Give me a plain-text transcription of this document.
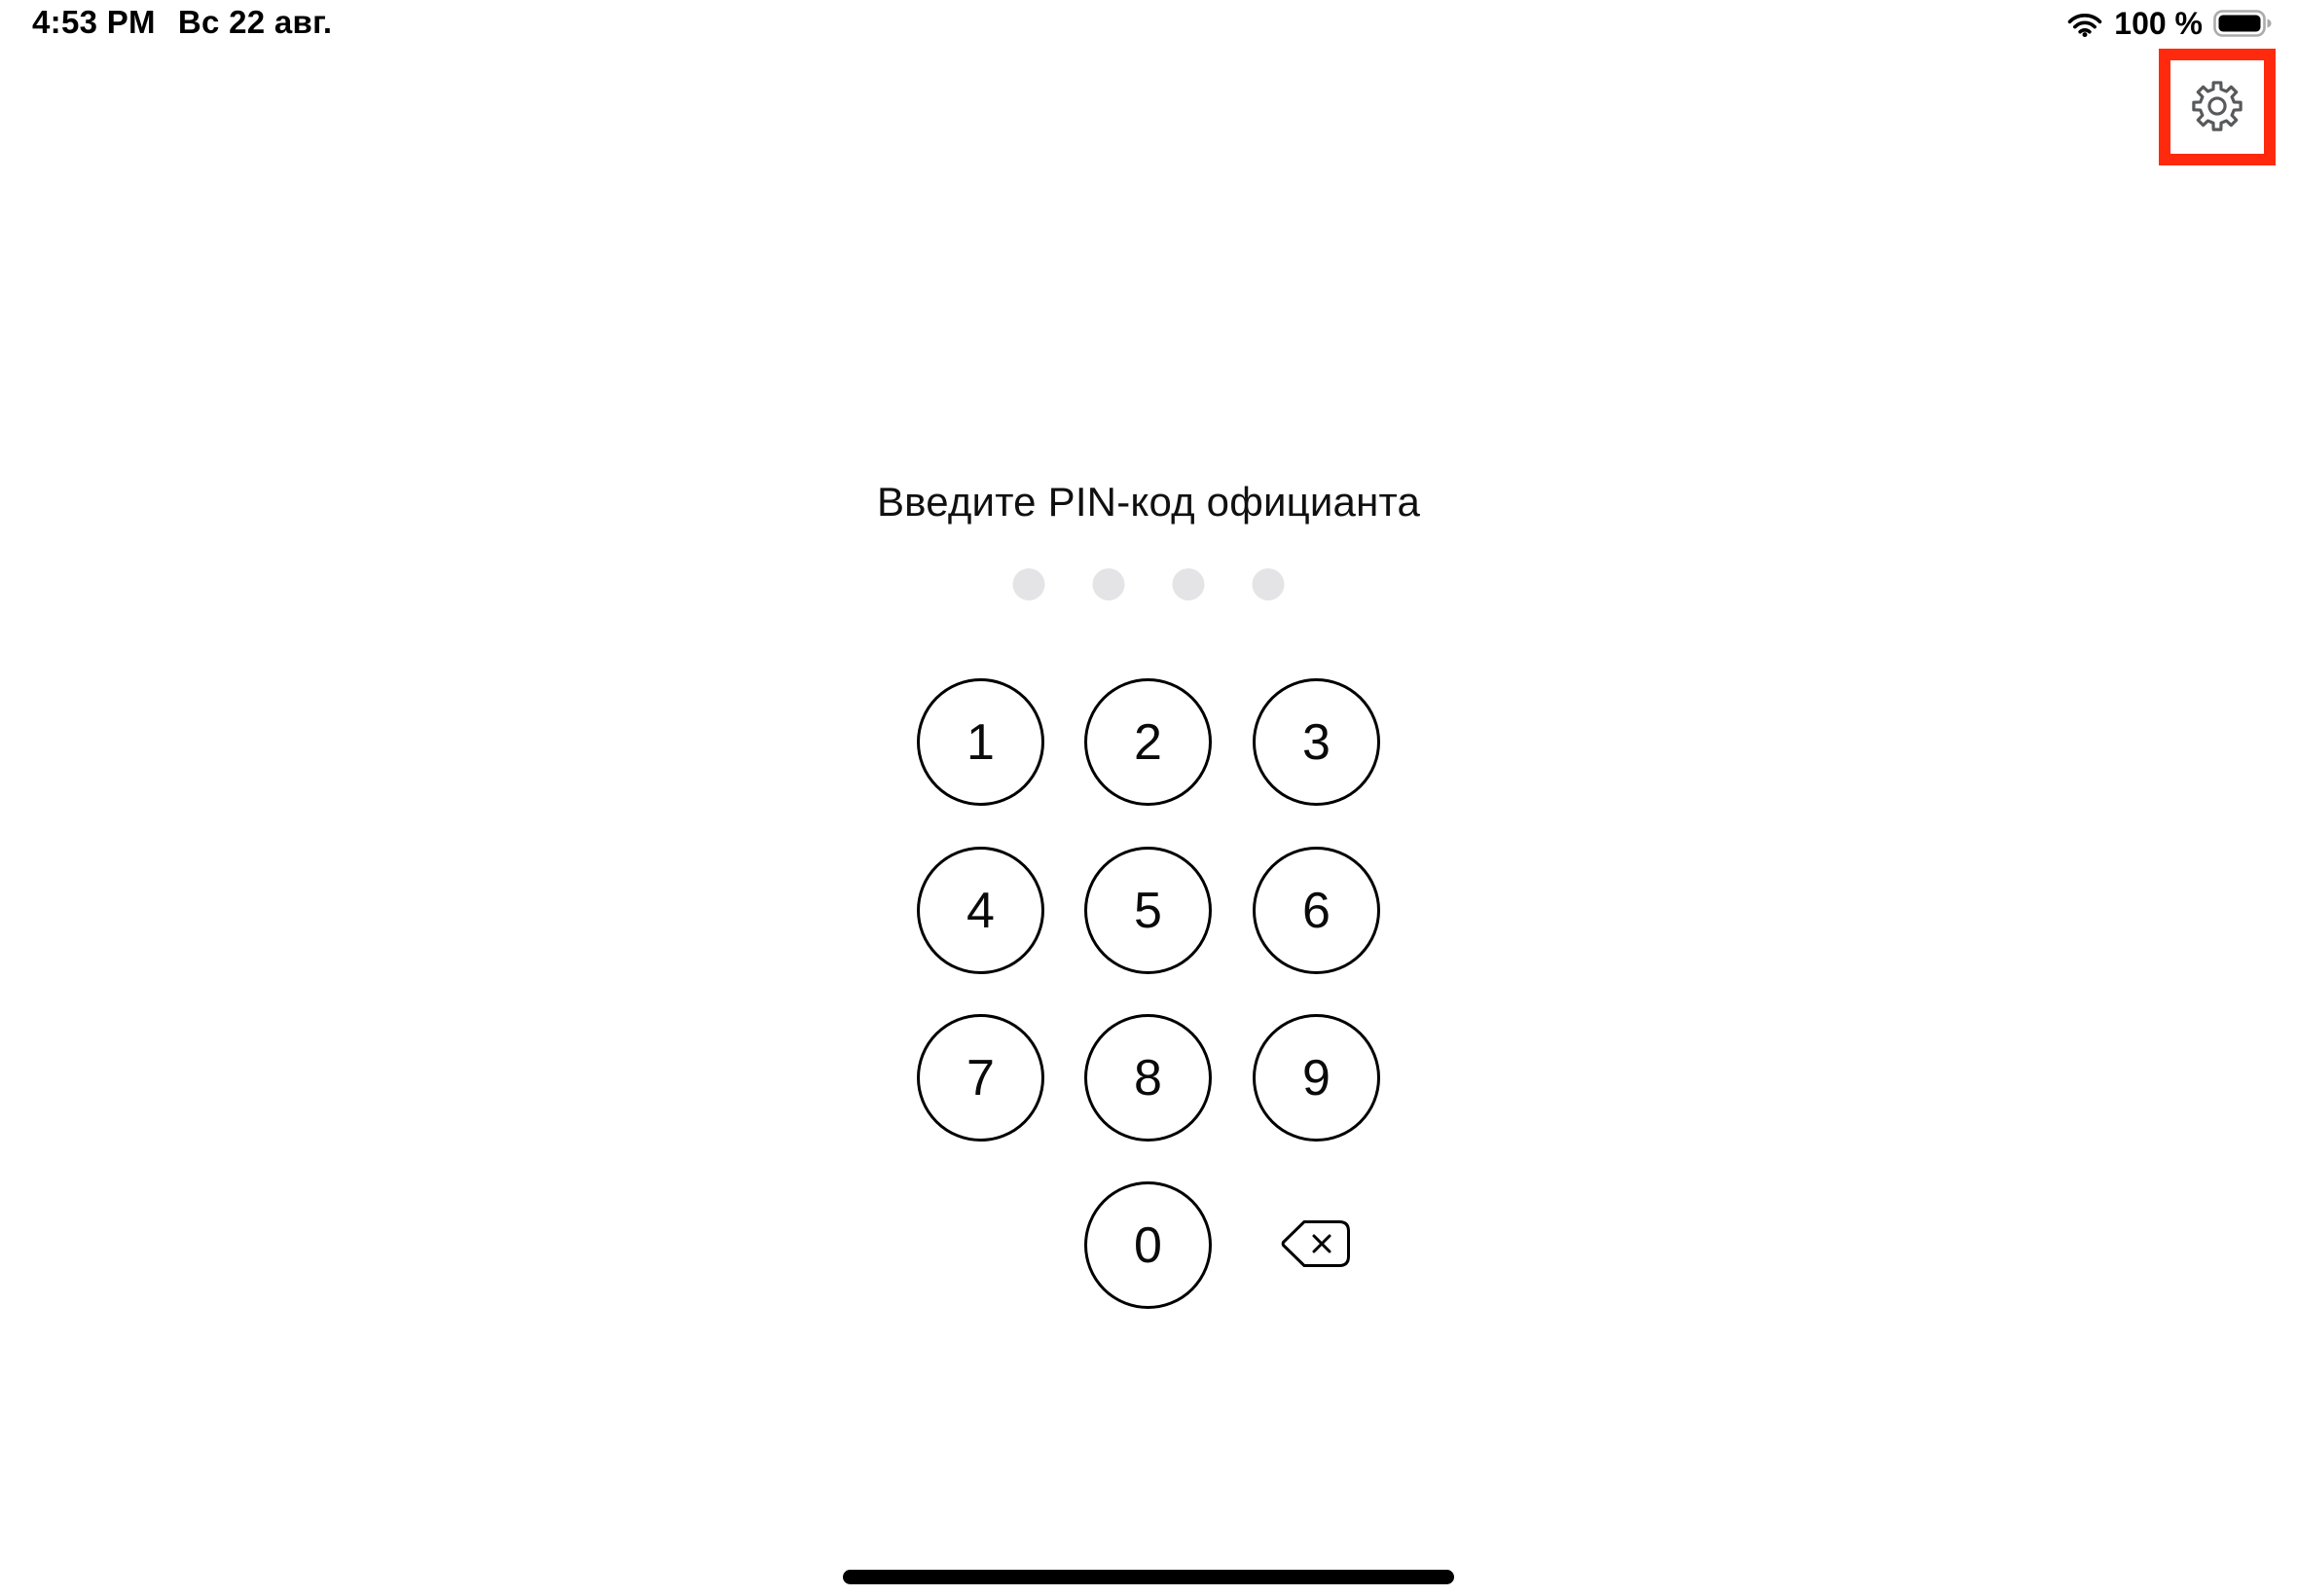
4:53 PM Вс 22 авг.	100 %
Введите PIN-код официанта
1	2	3
4	5	6
7	8	9
0
